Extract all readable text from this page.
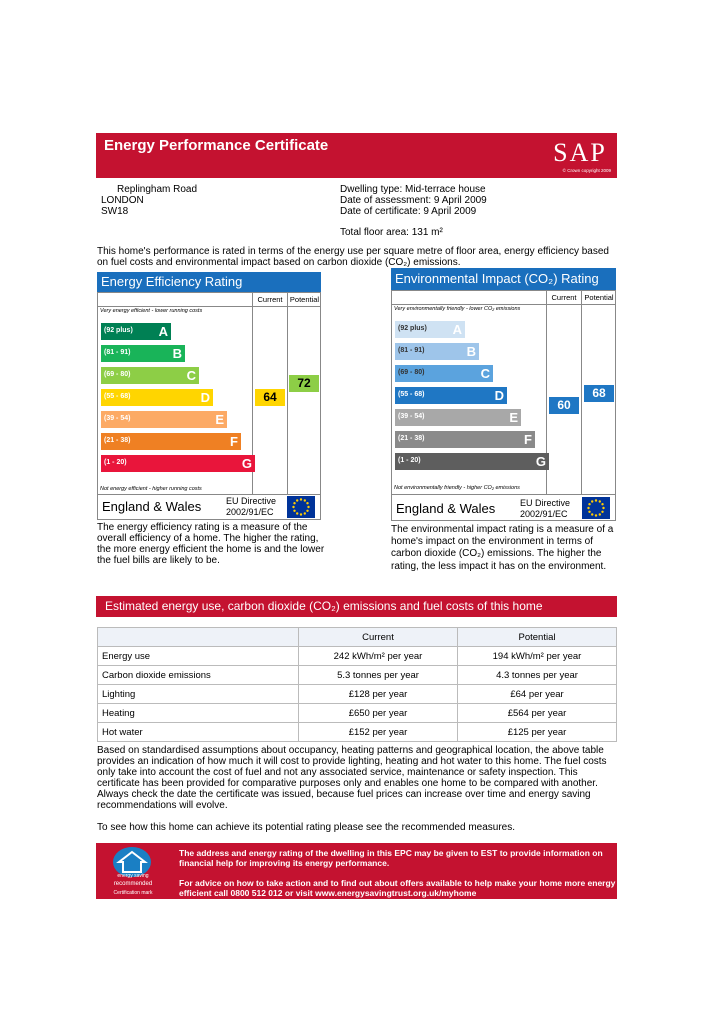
Energy Performance Certificate	SAP
© Crown copyright 2009
Replingham Road
LONDON
SW18
Dwelling type: Mid-terrace house
Date of assessment: 9 April 2009
Date of certificate: 9 April 2009
Total floor area: 131 m²
This home's performance is rated in terms of the energy use per square metre of floor area, energy efficiency based
on fuel costs and environmental impact based on carbon dioxide (CO₂) emissions.
Energy Efficiency Rating
Current Potential
Very energy efficient - lower running costs
(92 plus) A
(81 - 91)	B
(69 - 80)	C
(55 - 68)	D
(39 - 54)	E
(21 - 38)	F
(1 - 20)	G
Not energy efficient - higher running costs
64
72
England & Wales	EU Directive
2002/91/EC
The energy efficiency rating is a measure of the
overall efficiency of a home. The higher the rating,
the more energy efficient the home is and the lower
the fuel bills are likely to be.
Environmental Impact (CO₂) Rating
Current	Potential
Very environmentally friendly - lower CO₂ emissions
(92 plus) A
(81 - 91)	B
(69 - 80)	C
(55 - 68)	D
(39 - 54)	E
(21 - 38)	F
(1 - 20)	G
Not environmentally friendly - higher CO₂ emissions
60
68
England & Wales	EU Directive
2002/91/EC
The environmental impact rating is a measure of a
home's impact on the environment in terms of
carbon dioxide (CO₂) emissions. The higher the
rating, the less impact it has on the environment.
Estimated energy use, carbon dioxide (CO₂) emissions and fuel costs of this home
	Current	Potential
Energy use	242 kWh/m² per year	194 kWh/m² per year
Carbon dioxide emissions	5.3 tonnes per year	4.3 tonnes per year
Lighting	£128 per year	£64 per year
Heating	£650 per year	£564 per year
Hot water	£152 per year	£125 per year
Based on standardised assumptions about occupancy, heating patterns and geographical location, the above table
provides an indication of how much it will cost to provide lighting, heating and hot water to this home. The fuel costs
only take into account the cost of fuel and not any associated service, maintenance or safety inspection. This
certificate has been provided for comparative purposes only and enables one home to be compared with another.
Always check the date the certificate was issued, because fuel prices can increase over time and energy saving
recommendations will evolve.
To see how this home can achieve its potential rating please see the recommended measures.
energy saving
recommended
Certification mark
The address and energy rating of the dwelling in this EPC may be given to EST to provide information on
financial help for improving its energy performance.
For advice on how to take action and to find out about offers available to help make your home more energy
efficient call 0800 512 012 or visit www.energysavingtrust.org.uk/myhome
